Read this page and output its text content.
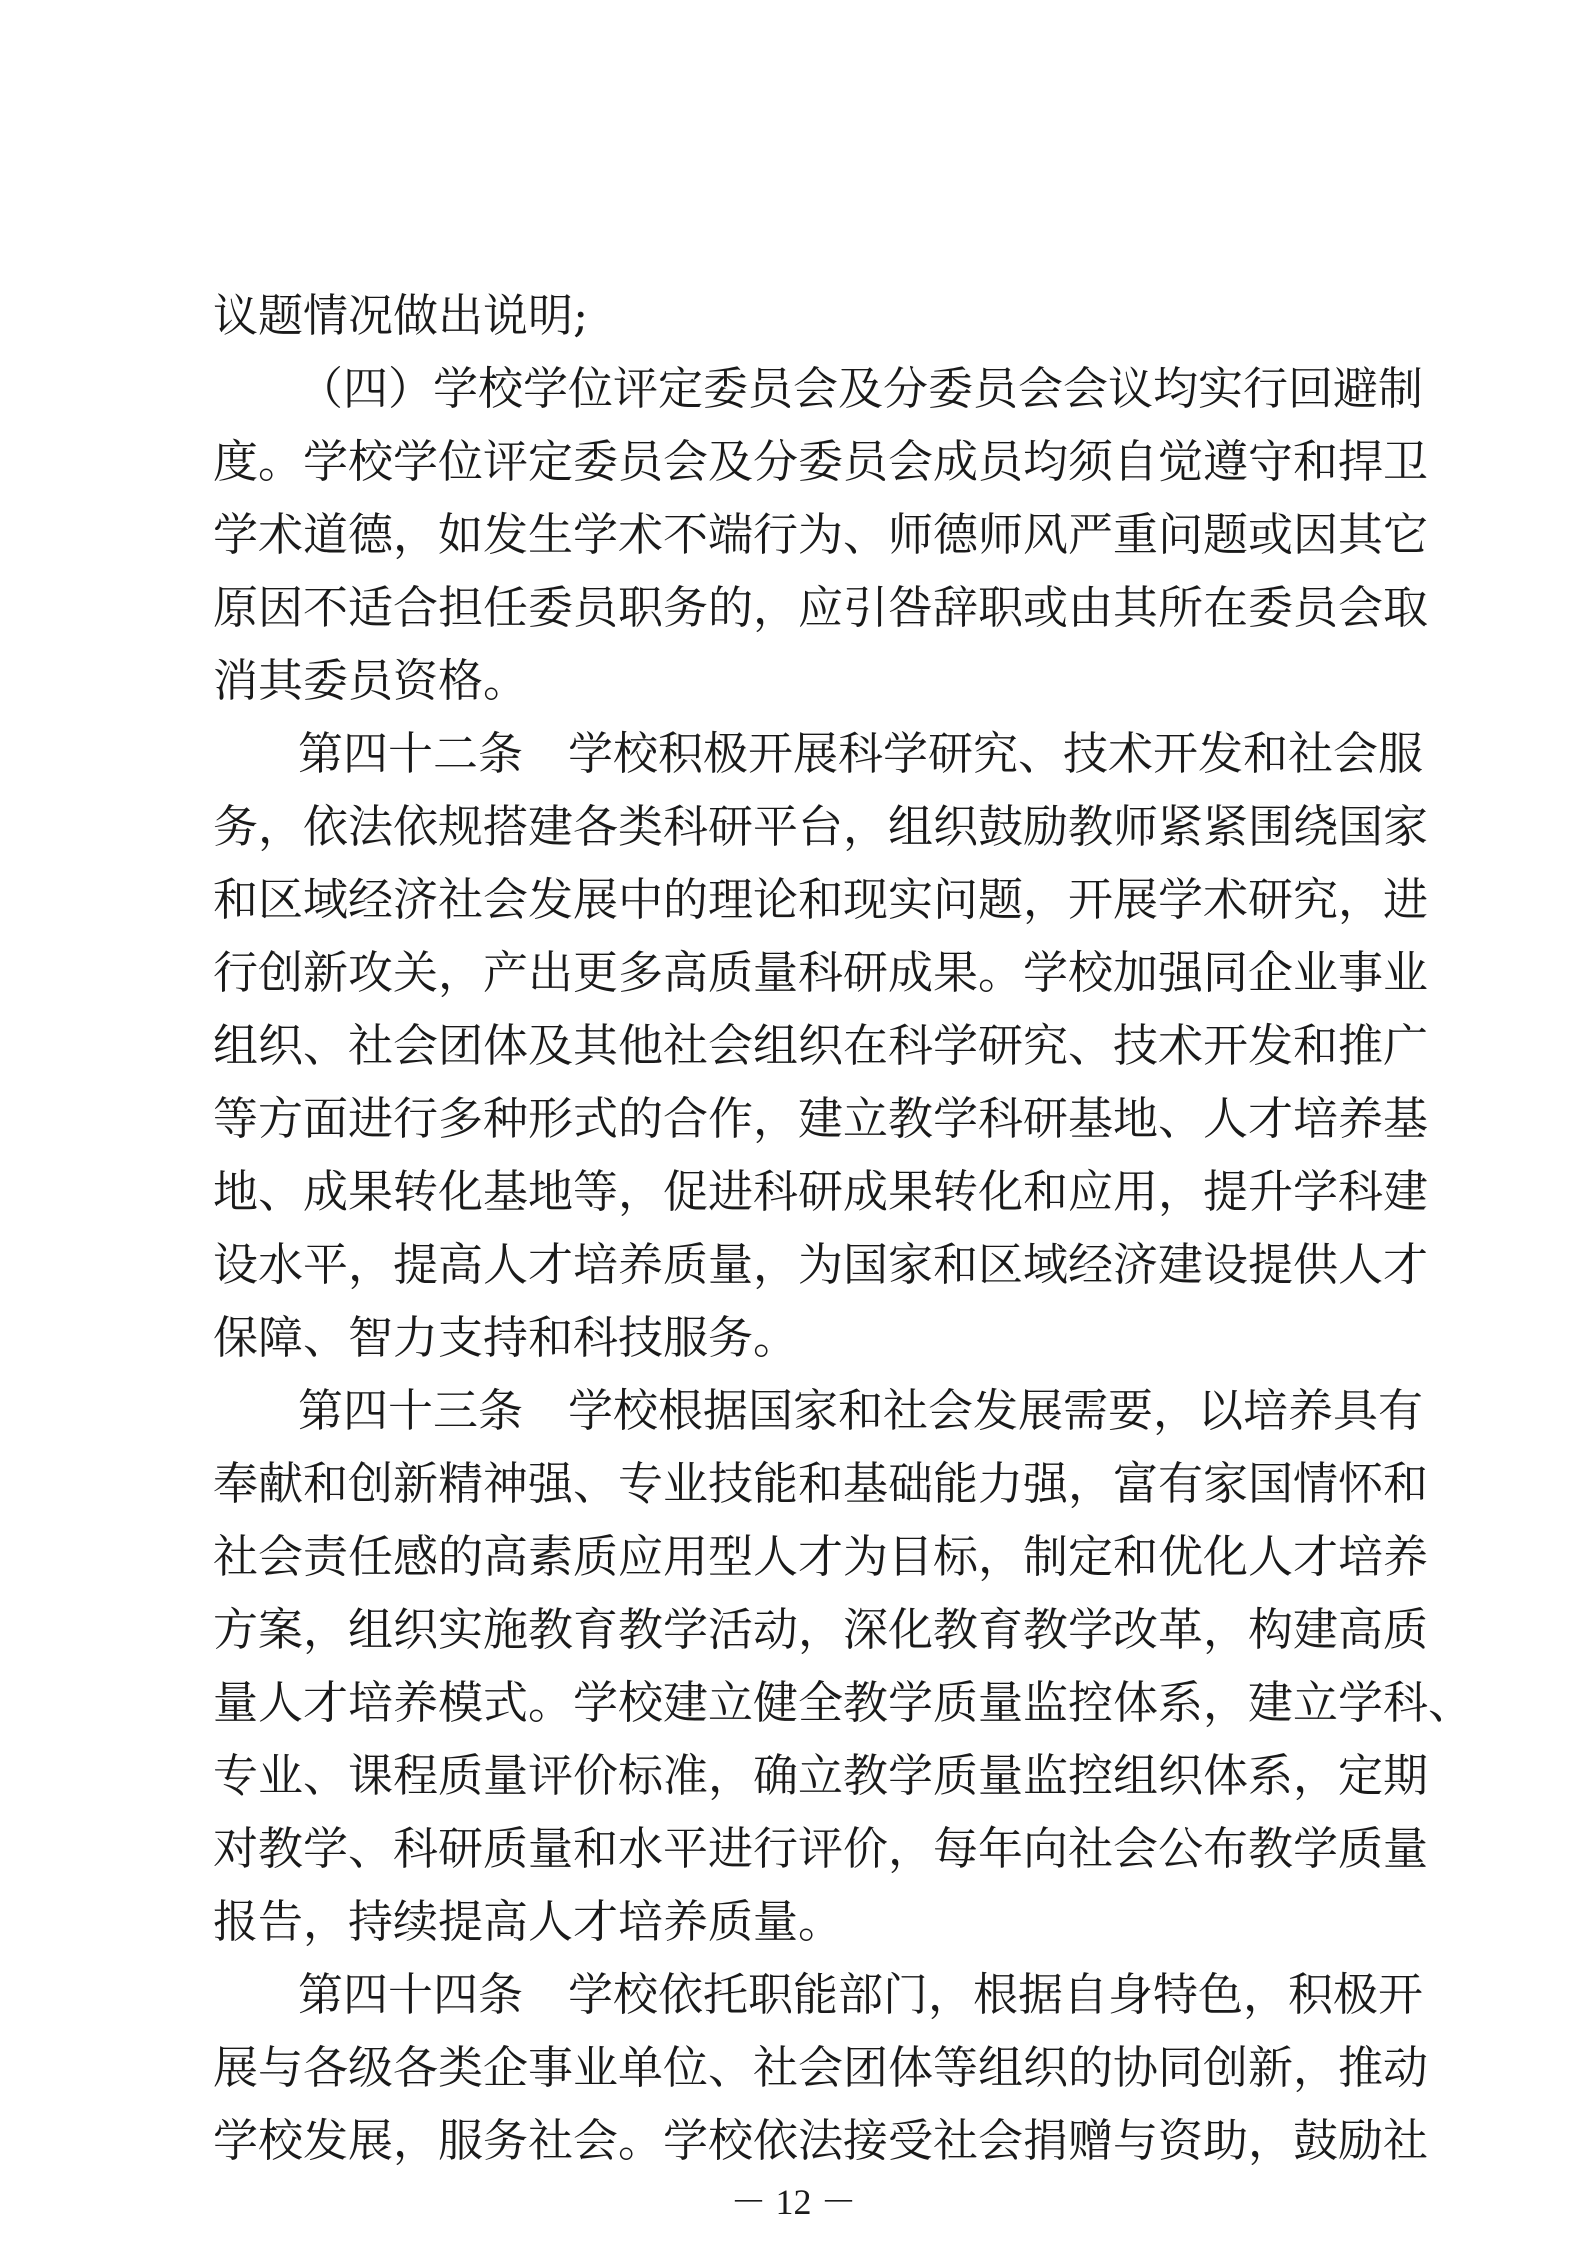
议题情况做出说明;

（四）学校学位评定委员会及分委员会会议均实行回避制

度。学校学位评定委员会及分委员会成员均须自觉遵守和捍卫

学术道德，如发生学术不端行为、师德师风严重问题或因其它

原因不适合担任委员职务的，应引咎辞职或由其所在委员会取

消其委员资格。

第四十二条　学校积极开展科学研究、技术开发和社会服

务，依法依规搭建各类科研平台，组织鼓励教师紧紧围绕国家

和区域经济社会发展中的理论和现实问题，开展学术研究，进

行创新攻关，产出更多高质量科研成果。学校加强同企业事业

组织、社会团体及其他社会组织在科学研究、技术开发和推广

等方面进行多种形式的合作，建立教学科研基地、人才培养基

地、成果转化基地等，促进科研成果转化和应用，提升学科建

设水平，提高人才培养质量，为国家和区域经济建设提供人才

保障、智力支持和科技服务。

第四十三条　学校根据国家和社会发展需要，以培养具有

奉献和创新精神强、专业技能和基础能力强，富有家国情怀和

社会责任感的高素质应用型人才为目标，制定和优化人才培养

方案，组织实施教育教学活动，深化教育教学改革，构建高质

量人才培养模式。学校建立健全教学质量监控体系，建立学科、

专业、课程质量评价标准，确立教学质量监控组织体系，定期

对教学、科研质量和水平进行评价，每年向社会公布教学质量

报告，持续提高人才培养质量。

第四十四条　学校依托职能部门，根据自身特色，积极开

展与各级各类企事业单位、社会团体等组织的协同创新，推动

学校发展，服务社会。学校依法接受社会捐赠与资助，鼓励社

－ 12 －
